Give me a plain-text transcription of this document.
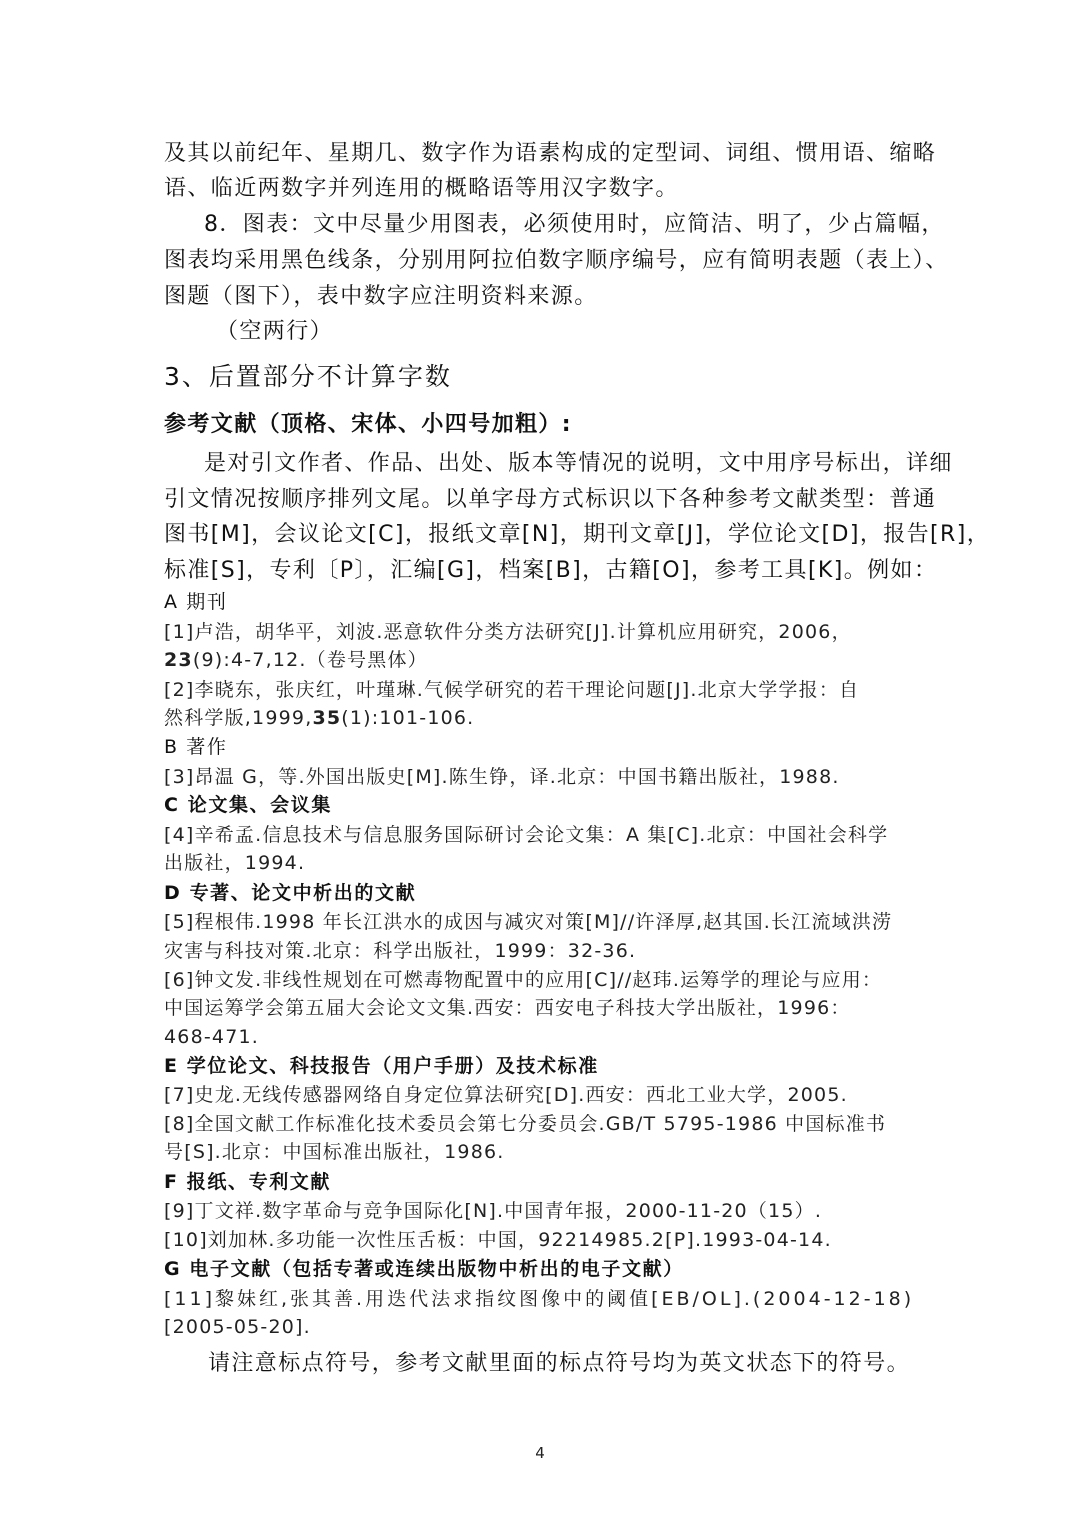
及其以前纪年、星期几、数字作为语素构成的定型词、词组、惯用语、缩略
语、临近两数字并列连用的概略语等用汉字数字。
8．图表：文中尽量少用图表，必须使用时，应简洁、明了，少占篇幅，
图表均采用黑色线条，分别用阿拉伯数字顺序编号，应有简明表题（表上）、
图题（图下），表中数字应注明资料来源。
（空两行）
3、后置部分不计算字数
参考文献（顶格、宋体、小四号加粗）:
是对引文作者、作品、出处、版本等情况的说明，文中用序号标出，详细
引文情况按顺序排列文尾。以单字母方式标识以下各种参考文献类型：普通
图书[M]，会议论文[C]，报纸文章[N]，期刊文章[J]，学位论文[D]，报告[R]，
标准[S]，专利〔P〕，汇编[G]，档案[B]，古籍[O]，参考工具[K]。例如：
A 期刊
[1]卢浩，胡华平，刘波.恶意软件分类方法研究[J].计算机应用研究，2006，
23(9):4-7,12.（卷号黑体）
[2]李晓东，张庆红，叶瑾琳.气候学研究的若干理论问题[J].北京大学学报：自
然科学版,1999,35(1):101-106.
B 著作
[3]昂温 G，等.外国出版史[M].陈生铮，译.北京：中国书籍出版社，1988.
C 论文集、会议集
[4]辛希孟.信息技术与信息服务国际研讨会论文集：A 集[C].北京：中国社会科学
出版社，1994.
D 专著、论文中析出的文献
[5]程根伟.1998 年长江洪水的成因与减灾对策[M]//许泽厚,赵其国.长江流域洪涝
灾害与科技对策.北京：科学出版社，1999：32-36.
[6]钟文发.非线性规划在可燃毒物配置中的应用[C]//赵玮.运筹学的理论与应用：
中国运筹学会第五届大会论文文集.西安：西安电子科技大学出版社，1996：
468-471.
E 学位论文、科技报告（用户手册）及技术标准
[7]史龙.无线传感器网络自身定位算法研究[D].西安：西北工业大学，2005.
[8]全国文献工作标准化技术委员会第七分委员会.GB/T 5795-1986 中国标准书
号[S].北京：中国标准出版社，1986.
F 报纸、专利文献
[9]丁文祥.数字革命与竞争国际化[N].中国青年报，2000-11-20（15）.
[10]刘加林.多功能一次性压舌板：中国，92214985.2[P].1993-04-14.
G 电子文献（包括专著或连续出版物中析出的电子文献）
[11]黎妹红,张其善.用迭代法求指纹图像中的阈值[EB/OL].(2004-12-18)
[2005-05-20].
请注意标点符号，参考文献里面的标点符号均为英文状态下的符号。
4
